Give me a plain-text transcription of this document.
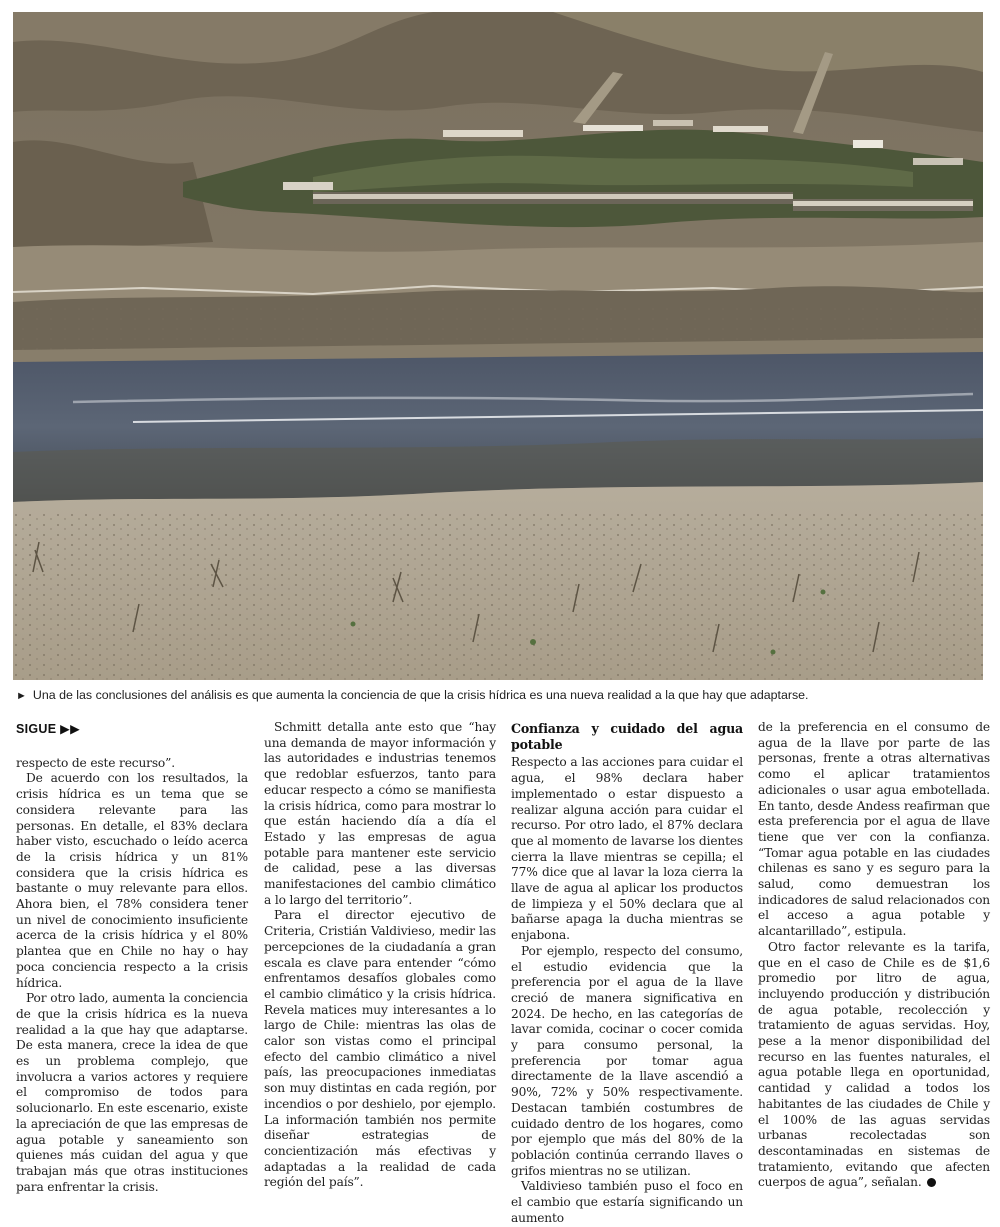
► Una de las conclusiones del análisis es que aumenta la conciencia de que la crisis hídrica es una nueva realidad a la que hay que adaptarse.
SIGUE ▶▶

respecto de este recurso”.

De acuerdo con los resultados, la crisis hídrica es un tema que se considera relevante para las personas. En detalle, el 83% declara haber visto, escuchado o leído acerca de la crisis hídrica y un 81% considera que la crisis hídrica es bastante o muy relevante para ellos. Ahora bien, el 78% considera tener un nivel de conocimiento insuficiente acerca de la crisis hídrica y el 80% plantea que en Chile no hay o hay poca conciencia respecto a la crisis hídrica.

Por otro lado, aumenta la conciencia de que la crisis hídrica es la nueva realidad a la que hay que adaptarse. De esta manera, crece la idea de que es un problema complejo, que involucra a varios actores y requiere el compromiso de todos para solucionarlo. En este escenario, existe la apreciación de que las empresas de agua potable y saneamiento son quienes más cuidan del agua y que trabajan más que otras instituciones para enfrentar la crisis.

Schmitt detalla ante esto que “hay una demanda de mayor información y las autoridades e industrias tenemos que redoblar esfuerzos, tanto para educar respecto a cómo se manifiesta la crisis hídrica, como para mostrar lo que están haciendo día a día el Estado y las empresas de agua potable para mantener este servicio de calidad, pese a las diversas manifestaciones del cambio climático a lo largo del territorio”.

Para el director ejecutivo de Criteria, Cristián Valdivieso, medir las percepciones de la ciudadanía a gran escala es clave para entender “cómo enfrentamos desafíos globales como el cambio climático y la crisis hídrica. Revela matices muy interesantes a lo largo de Chile: mientras las olas de calor son vistas como el principal efecto del cambio climático a nivel país, las preocupaciones inmediatas son muy distintas en cada región, por incendios o por deshielo, por ejemplo. La información también nos permite diseñar estrategias de concientización más efectivas y adaptadas a la realidad de cada región del país”.

Confianza y cuidado del agua potable

Respecto a las acciones para cuidar el agua, el 98% declara haber implementado o estar dispuesto a realizar alguna acción para cuidar el recurso. Por otro lado, el 87% declara que al momento de lavarse los dientes cierra la llave mientras se cepilla; el 77% dice que al lavar la loza cierra la llave de agua al aplicar los productos de limpieza y el 50% declara que al bañarse apaga la ducha mientras se enjabona.

Por ejemplo, respecto del consumo, el estudio evidencia que la preferencia por el agua de la llave creció de manera significativa en 2024. De hecho, en las categorías de lavar comida, cocinar o cocer comida y para consumo personal, la preferencia por tomar agua directamente de la llave ascendió a 90%, 72% y 50% respectivamente. Destacan también costumbres de cuidado dentro de los hogares, como por ejemplo que más del 80% de la población continúa cerrando llaves o grifos mientras no se utilizan.

Valdivieso también puso el foco en el cambio que estaría significando un aumento

de la preferencia en el consumo de agua de la llave por parte de las personas, frente a otras alternativas como el aplicar tratamientos adicionales o usar agua embotellada. En tanto, desde Andess reafirman que esta preferencia por el agua de llave tiene que ver con la confianza. “Tomar agua potable en las ciudades chilenas es sano y es seguro para la salud, como demuestran los indicadores de salud relacionados con el acceso a agua potable y alcantarillado”, estipula.

Otro factor relevante es la tarifa, que en el caso de Chile es de $1,6 promedio por litro de agua, incluyendo producción y distribución de agua potable, recolección y tratamiento de aguas servidas. Hoy, pese a la menor disponibilidad del recurso en las fuentes naturales, el agua potable llega en oportunidad, cantidad y calidad a todos los habitantes de las ciudades de Chile y el 100% de las aguas servidas urbanas recolectadas son descontaminadas en sistemas de tratamiento, evitando que afecten cuerpos de agua”, señalan.
